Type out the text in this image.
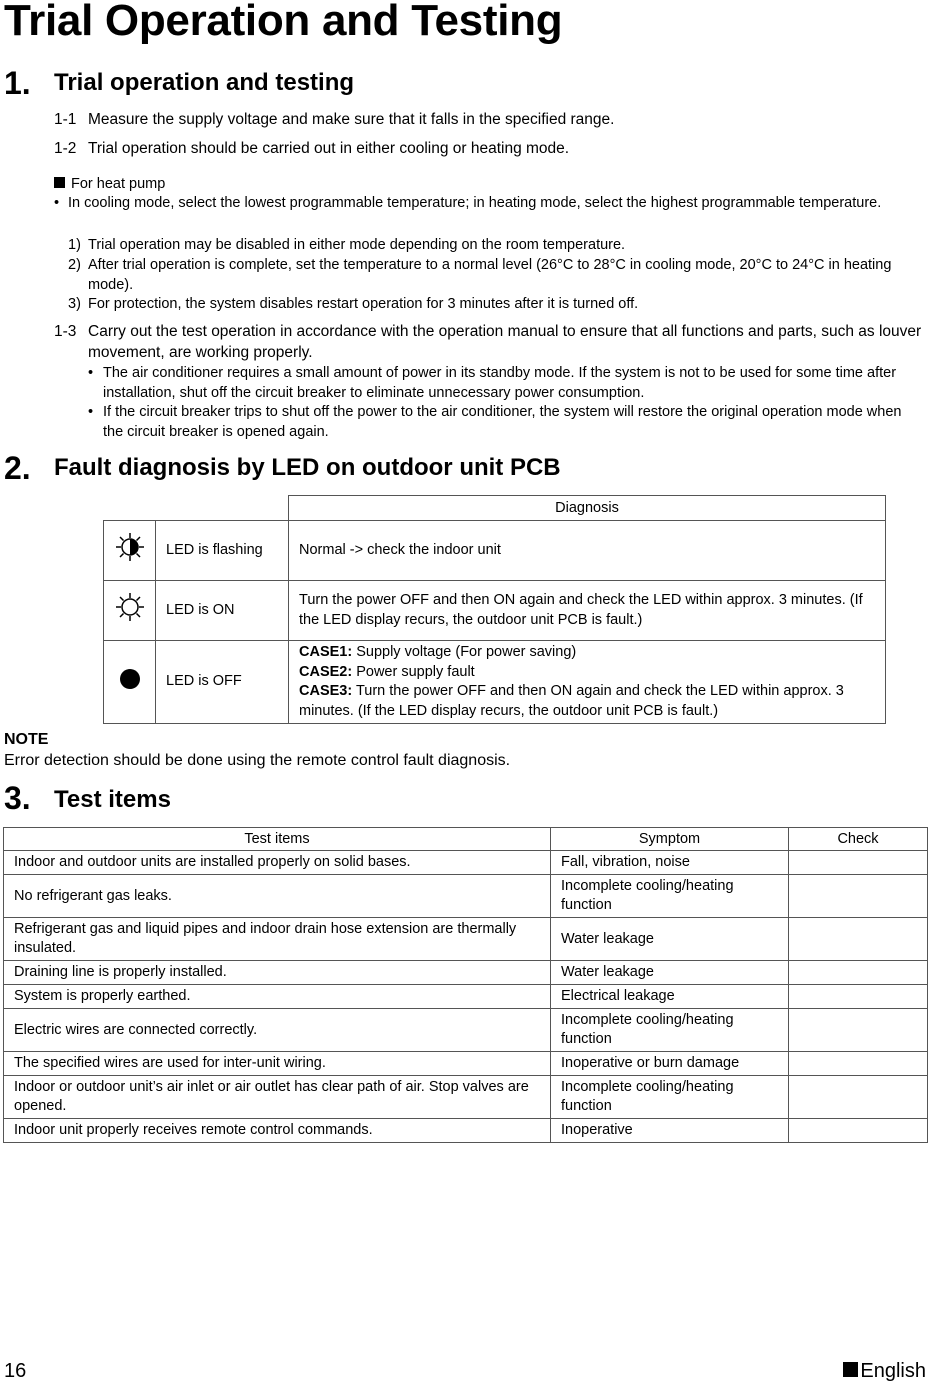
Trial Operation and Testing
1. Trial operation and testing
1-1 Measure the supply voltage and make sure that it falls in the specified range.
1-2 Trial operation should be carried out in either cooling or heating mode.
For heat pump
• In cooling mode, select the lowest programmable temperature; in heating mode, select the highest programmable temperature.
1) Trial operation may be disabled in either mode depending on the room temperature.
2) After trial operation is complete, set the temperature to a normal level (26°C to 28°C in cooling mode, 20°C to 24°C in heating mode).
3) For protection, the system disables restart operation for 3 minutes after it is turned off.
1-3 Carry out the test operation in accordance with the operation manual to ensure that all functions and parts, such as louver movement, are working properly.
• The air conditioner requires a small amount of power in its standby mode. If the system is not to be used for some time after installation, shut off the circuit breaker to eliminate unnecessary power consumption.
• If the circuit breaker trips to shut off the power to the air conditioner, the system will restore the original operation mode when the circuit breaker is opened again.
2. Fault diagnosis by LED on outdoor unit PCB
		Diagnosis
	LED is flashing	Normal -> check the indoor unit
	LED is ON	Turn the power OFF and then ON again and check the LED within approx. 3 minutes. (If the LED display recurs, the outdoor unit PCB is fault.)
	LED is OFF	CASE1: Supply voltage (For power saving)
CASE2: Power supply fault
CASE3: Turn the power OFF and then ON again and check the LED within approx. 3 minutes. (If the LED display recurs, the outdoor unit PCB is fault.)
NOTE
Error detection should be done using the remote control fault diagnosis.
3. Test items
Test items	Symptom	Check
Indoor and outdoor units are installed properly on solid bases.	Fall, vibration, noise	
No refrigerant gas leaks.	Incomplete cooling/heating function	
Refrigerant gas and liquid pipes and indoor drain hose extension are thermally insulated.	Water leakage	
Draining line is properly installed.	Water leakage	
System is properly earthed.	Electrical leakage	
Electric wires are connected correctly.	Incomplete cooling/heating function	
The specified wires are used for inter-unit wiring.	Inoperative or burn damage	
Indoor or outdoor unit’s air inlet or air outlet has clear path of air. Stop valves are opened.	Incomplete cooling/heating function	
Indoor unit properly receives remote control commands.	Inoperative	
16	English
